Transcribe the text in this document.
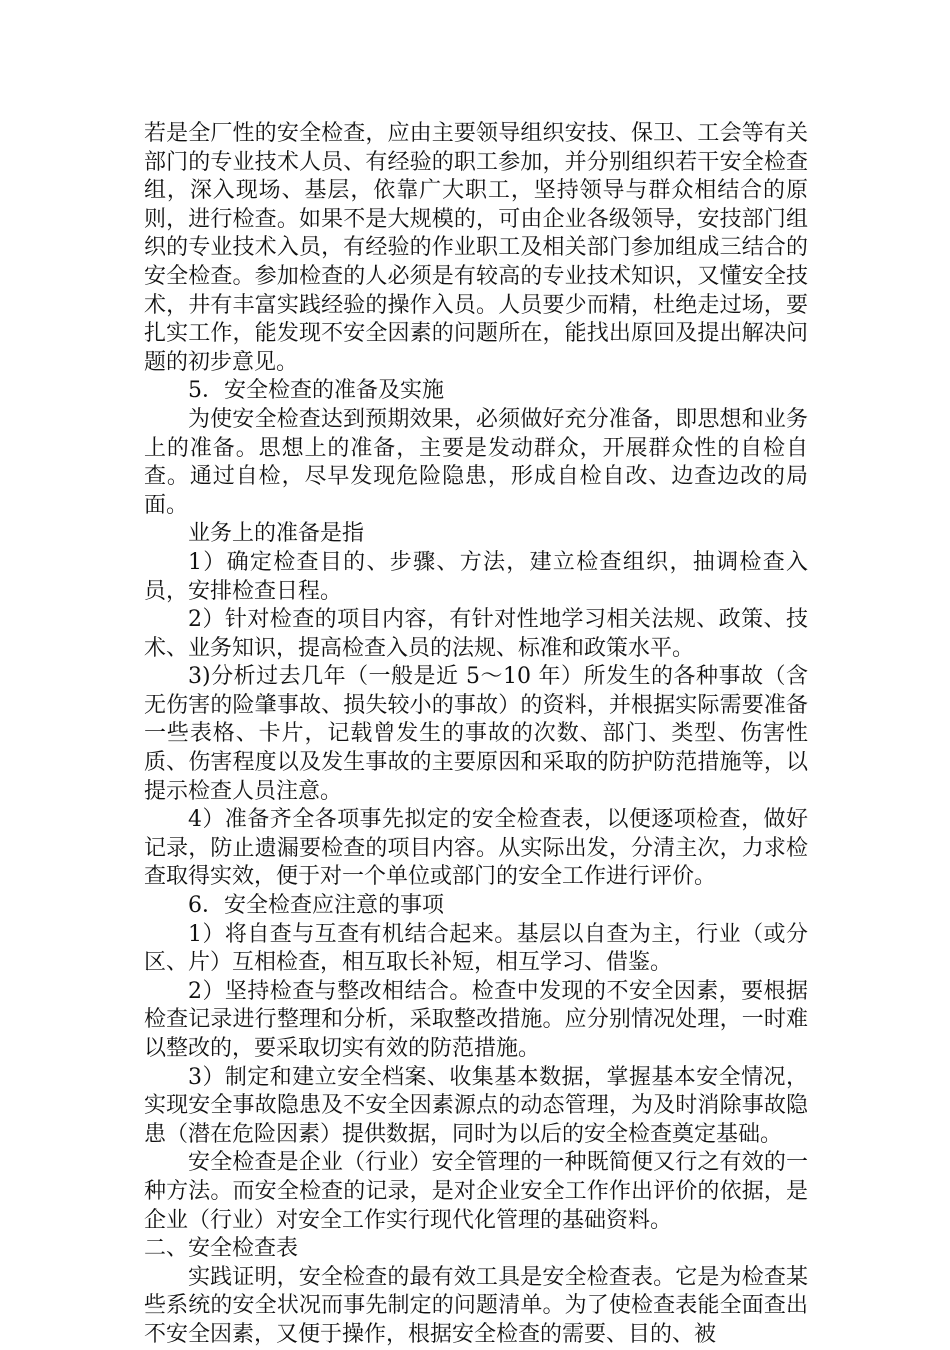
若是全厂性的安全检查，应由主要领导组织安技、保卫、工会等有关部门的专业技术人员、有经验的职工参加，并分别组织若干安全检查组，深入现场、基层，依靠广大职工，坚持领导与群众相结合的原则，进行检查。如果不是大规模的，可由企业各级领导，安技部门组织的专业技术入员，有经验的作业职工及相关部门参加组成三结合的安全检查。参加检查的人必须是有较高的专业技术知识，又懂安全技术，井有丰富实践经验的操作入员。人员要少而精，杜绝走过场，要扎实工作，能发现不安全因素的问题所在，能找出原回及提出解决问题的初步意见。

5．安全检查的准备及实施

为使安全检查达到预期效果，必须做好充分准备，即思想和业务上的准备。思想上的准备，主要是发动群众，开展群众性的自检自查。通过自检，尽早发现危险隐患，形成自检自改、边查边改的局面。

业务上的准备是指

1）确定检查目的、步骤、方法，建立检查组织，抽调检查入员，安排检查日程。

2）针对检查的项目内容，有针对性地学习相关法规、政策、技术、业务知识，提高检查入员的法规、标准和政策水平。

3)分析过去几年（一般是近 5～10 年）所发生的各种事故（含无伤害的险肇事故、损失较小的事故）的资料，并根据实际需要准备一些表格、卡片，记载曾发生的事故的次数、部门、类型、伤害性质、伤害程度以及发生事故的主要原因和采取的防护防范措施等，以提示检查人员注意。

4）准备齐全各项事先拟定的安全检查表，以便逐项检查，做好记录，防止遗漏要检查的项目内容。从实际出发，分清主次，力求检查取得实效，便于对一个单位或部门的安全工作进行评价。

6．安全检查应注意的事项

1）将自查与互查有机结合起来。基层以自查为主，行业（或分区、片）互相检查，相互取长补短，相互学习、借鉴。

2）坚持检查与整改相结合。检查中发现的不安全因素，要根据检查记录进行整理和分析，采取整改措施。应分别情况处理，一时难以整改的，要采取切实有效的防范措施。

3）制定和建立安全档案、收集基本数据，掌握基本安全情况，实现安全事故隐患及不安全因素源点的动态管理，为及时消除事故隐患（潜在危险因素）提供数据，同时为以后的安全检查奠定基础。

安全检查是企业（行业）安全管理的一种既简便又行之有效的一种方法。而安全检查的记录，是对企业安全工作作出评价的依据，是企业（行业）对安全工作实行现代化管理的基础资料。

二、安全检查表

实践证明，安全检查的最有效工具是安全检查表。它是为检查某些系统的安全状况而事先制定的问题清单。为了使检查表能全面查出不安全因素，又便于操作，根据安全检查的需要、目的、被
